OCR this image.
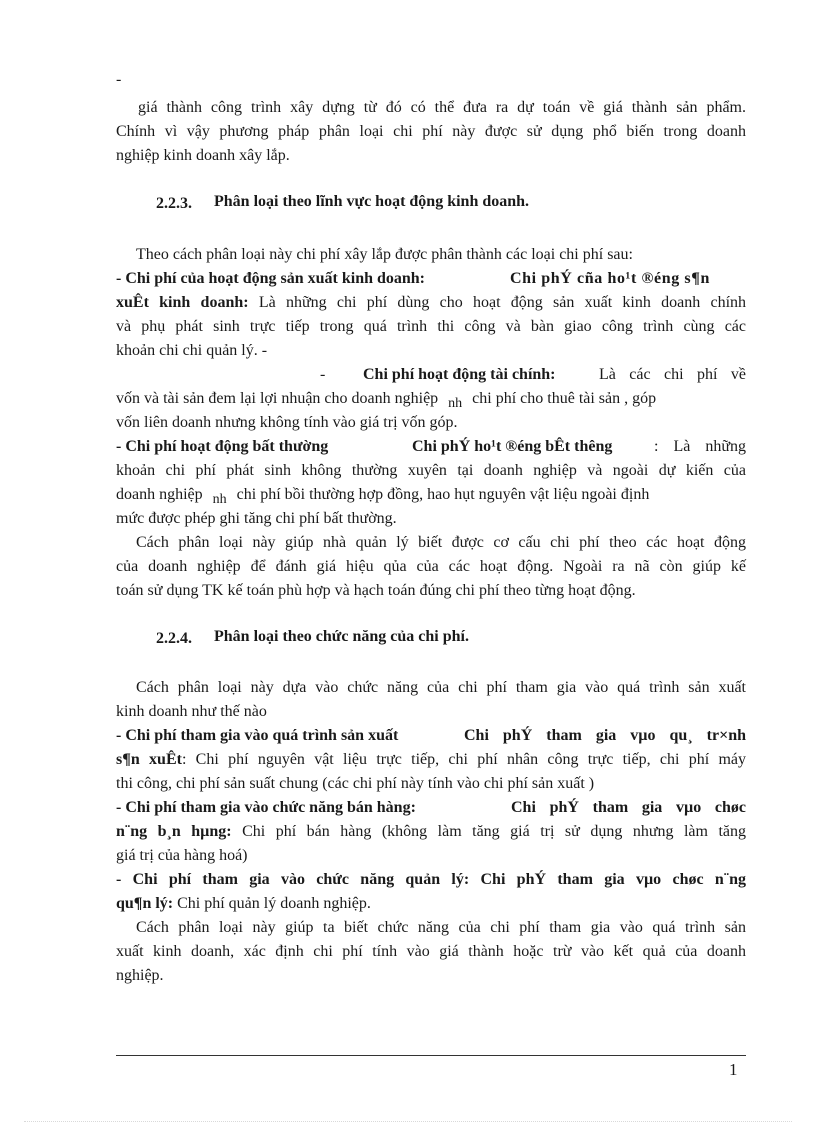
-
giá thành công trình xây dựng từ đó có thể đưa ra dự toán về giá thành sản phẩm.
Chính vì vậy phương pháp phân loại chi phí này được sử dụng phổ biến trong doanh
nghiệp kinh doanh xây lắp.
2.2.3. Phân loại theo lĩnh vực hoạt động kinh doanh.
Theo cách phân loại này chi phí xây lắp được phân thành các loại chi phí sau:
- Chi phí của hoạt động sản xuất kinh doanh:	Chi phÝ cña ho¹t ®éng s¶n
xuÊt kinh doanh: Là những chi phí dùng cho hoạt động sản xuất kinh doanh chính
và phụ phát sinh trực tiếp trong quá trình thi công và bàn giao công trình cùng các
khoản chi chi quản lý. -
- Chi phí hoạt động tài chính:	Là các chi phí về
vốn và tài sản đem lại lợi nhuận cho doanh nghiệp nh chi phí cho thuê tài sản , góp
vốn liên doanh nhưng không tính vào giá trị vốn góp.
- Chi phí hoạt động bất thường	Chi phÝ ho¹t ®éng bÊt thêng	: Là những
khoản chi phí phát sinh không thường xuyên tại doanh nghiệp và ngoài dự kiến của
doanh nghiệp nh chi phí bồi thường hợp đồng, hao hụt nguyên vật liệu ngoài định
mức được phép ghi tăng chi phí bất thường.
Cách phân loại này giúp nhà quản lý biết được cơ cấu chi phí theo các hoạt động
của doanh nghiệp để đánh giá hiệu qủa của các hoạt động. Ngoài ra nã còn giúp kế
toán sử dụng TK kế toán phù hợp và hạch toán đúng chi phí theo từng hoạt động.
2.2.4. Phân loại theo chức năng của chi phí.
Cách phân loại này dựa vào chức năng của chi phí tham gia vào quá trình sản xuất
kinh doanh như thế nào
- Chi phí tham gia vào quá trình sản xuất	Chi phÝ tham gia vµo qu¸ tr×nh
s¶n xuÊt: Chi phí nguyên vật liệu trực tiếp, chi phí nhân công trực tiếp, chi phí máy
thi công, chi phí sản suất chung (các chi phí này tính vào chi phí sản xuất )
- Chi phí tham gia vào chức năng bán hàng:	Chi phÝ tham gia vµo chøc
n¨ng b¸n hµng: Chi phí bán hàng (không làm tăng giá trị sử dụng nhưng làm tăng
giá trị của hàng hoá)
- Chi phí tham gia vào chức năng quản lý: Chi phÝ tham gia vµo chøc n¨ng
qu¶n lý: Chi phí quản lý doanh nghiệp.
Cách phân loại này giúp ta biết chức năng của chi phí tham gia vào quá trình sản
xuất kinh doanh, xác định chi phí tính vào giá thành hoặc trừ vào kết quả của doanh
nghiệp.
1
